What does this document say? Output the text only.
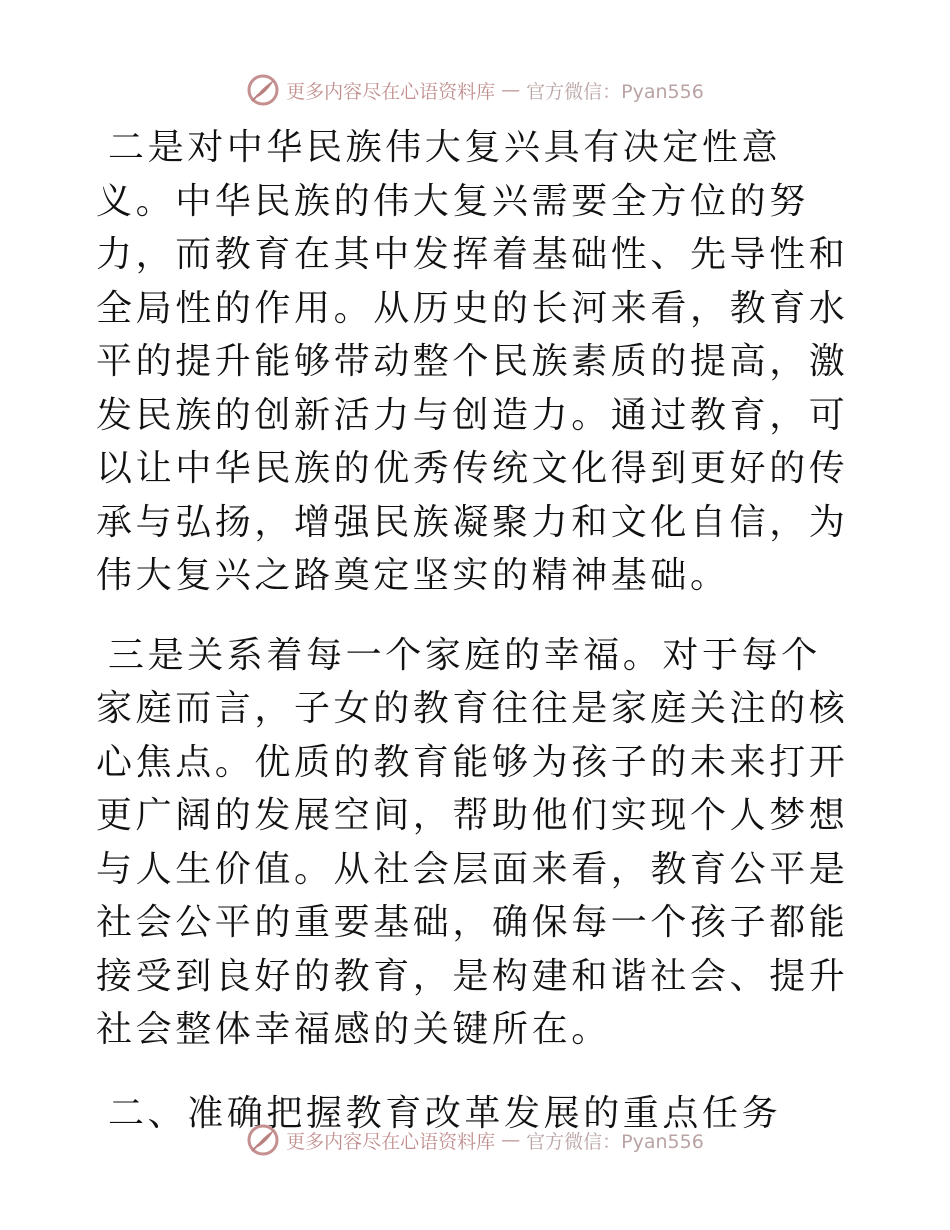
更多内容尽在心语资料库 — 官方微信：Pyan556

二是对中华民族伟大复兴具有决定性意义。中华民族的伟大复兴需要全方位的努力，而教育在其中发挥着基础性、先导性和全局性的作用。从历史的长河来看，教育水平的提升能够带动整个民族素质的提高，激发民族的创新活力与创造力。通过教育，可以让中华民族的优秀传统文化得到更好的传承与弘扬，增强民族凝聚力和文化自信，为伟大复兴之路奠定坚实的精神基础。

三是关系着每一个家庭的幸福。对于每个家庭而言，子女的教育往往是家庭关注的核心焦点。优质的教育能够为孩子的未来打开更广阔的发展空间，帮助他们实现个人梦想与人生价值。从社会层面来看，教育公平是社会公平的重要基础，确保每一个孩子都能接受到良好的教育，是构建和谐社会、提升社会整体幸福感的关键所在。

二、准确把握教育改革发展的重点任务

更多内容尽在心语资料库 — 官方微信：Pyan556
